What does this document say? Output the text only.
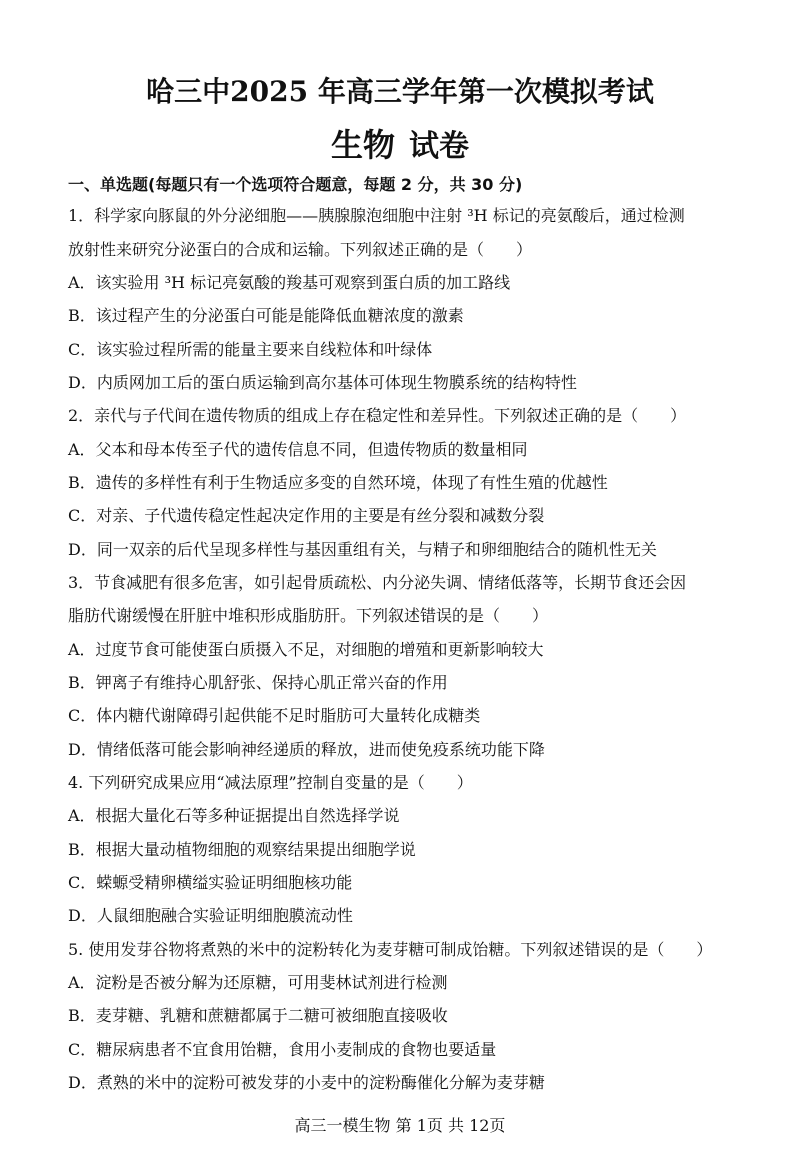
哈三中2025 年高三学年第一次模拟考试
生物 试卷
一、单选题(每题只有一个选项符合题意，每题 2 分，共 30 分)
1．科学家向豚鼠的外分泌细胞——胰腺腺泡细胞中注射 ³H 标记的亮氨酸后，通过检测
放射性来研究分泌蛋白的合成和运输。下列叙述正确的是（　　）
A．该实验用 ³H 标记亮氨酸的羧基可观察到蛋白质的加工路线
B．该过程产生的分泌蛋白可能是能降低血糖浓度的激素
C．该实验过程所需的能量主要来自线粒体和叶绿体
D．内质网加工后的蛋白质运输到高尔基体可体现生物膜系统的结构特性
2．亲代与子代间在遗传物质的组成上存在稳定性和差异性。下列叙述正确的是（　　）
A．父本和母本传至子代的遗传信息不同，但遗传物质的数量相同
B．遗传的多样性有利于生物适应多变的自然环境，体现了有性生殖的优越性
C．对亲、子代遗传稳定性起决定作用的主要是有丝分裂和减数分裂
D．同一双亲的后代呈现多样性与基因重组有关，与精子和卵细胞结合的随机性无关
3．节食减肥有很多危害，如引起骨质疏松、内分泌失调、情绪低落等，长期节食还会因
脂肪代谢缓慢在肝脏中堆积形成脂肪肝。下列叙述错误的是（　　）
A．过度节食可能使蛋白质摄入不足，对细胞的增殖和更新影响较大
B．钾离子有维持心肌舒张、保持心肌正常兴奋的作用
C．体内糖代谢障碍引起供能不足时脂肪可大量转化成糖类
D．情绪低落可能会影响神经递质的释放，进而使免疫系统功能下降
4. 下列研究成果应用“减法原理”控制自变量的是（　　）
A．根据大量化石等多种证据提出自然选择学说
B．根据大量动植物细胞的观察结果提出细胞学说
C．蝾螈受精卵横缢实验证明细胞核功能
D．人鼠细胞融合实验证明细胞膜流动性
5. 使用发芽谷物将煮熟的米中的淀粉转化为麦芽糖可制成饴糖。下列叙述错误的是（　　）
A．淀粉是否被分解为还原糖，可用斐林试剂进行检测
B．麦芽糖、乳糖和蔗糖都属于二糖可被细胞直接吸收
C．糖尿病患者不宜食用饴糖，食用小麦制成的食物也要适量
D．煮熟的米中的淀粉可被发芽的小麦中的淀粉酶催化分解为麦芽糖
高三一模生物 第 1页 共 12页
